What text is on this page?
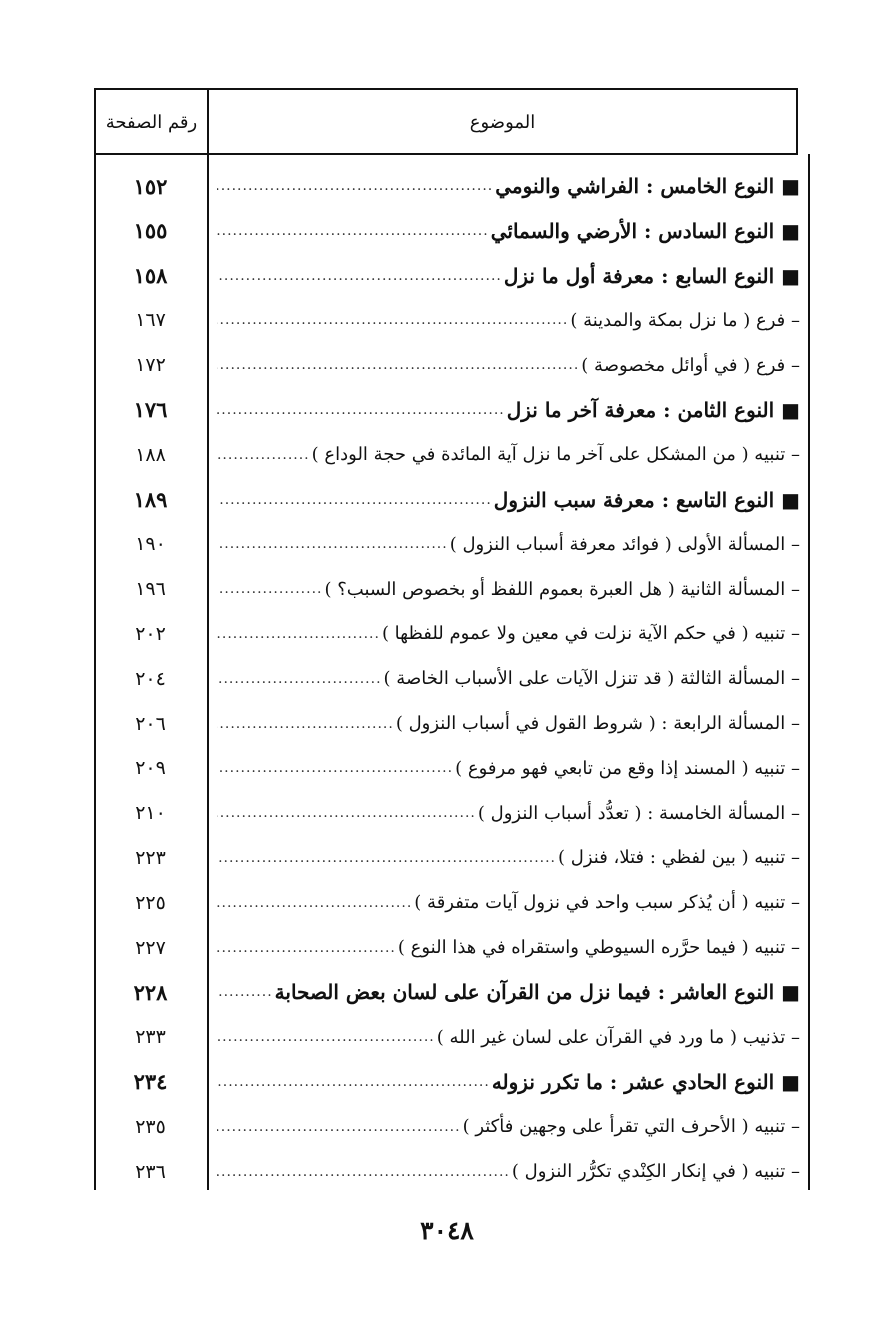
رقم الصفحة	الموضوع
١٥٢	■ النوع الخامس : الفراشي والنومي
.....
١٥٥	■ النوع السادس : الأرضي والسمائي
.....
١٥٨	■ النوع السابع : معرفة أول ما نزل
.....
١٦٧	– فرع ( ما نزل بمكة والمدينة )
.....
١٧٢	– فرع ( في أوائل مخصوصة )
.....
١٧٦	■ النوع الثامن : معرفة آخر ما نزل
.....
١٨٨	– تنبيه ( من المشكل على آخر ما نزل آية المائدة في حجة الوداع )
.....
١٨٩	■ النوع التاسع : معرفة سبب النزول
.....
١٩٠	– المسألة الأولى ( فوائد معرفة أسباب النزول )
.....
١٩٦	– المسألة الثانية ( هل العبرة بعموم اللفظ أو بخصوص السبب؟ )
.....
٢٠٢	– تنبيه ( في حكم الآية نزلت في معين ولا عموم للفظها )
.....
٢٠٤	– المسألة الثالثة ( قد تنزل الآيات على الأسباب الخاصة )
.....
٢٠٦	– المسألة الرابعة : ( شروط القول في أسباب النزول )
.....
٢٠٩	– تنبيه ( المسند إذا وقع من تابعي فهو مرفوع )
.....
٢١٠	– المسألة الخامسة : ( تعدُّد أسباب النزول )
.....
٢٢٣	– تنبيه ( بين لفظي : فتلا، فنزل )
.....
٢٢٥	– تنبيه ( أن يُذكر سبب واحد في نزول آيات متفرقة )
.....
٢٢٧	– تنبيه ( فيما حرَّره السيوطي واستقراه في هذا النوع )
.....
٢٢٨	■ النوع العاشر : فيما نزل من القرآن على لسان بعض الصحابة
.....
٢٣٣	– تذنيب ( ما ورد في القرآن على لسان غير الله )
.....
٢٣٤	■ النوع الحادي عشر : ما تكرر نزوله
.....
٢٣٥	– تنبيه ( الأحرف التي تقرأ على وجهين فأكثر )
.....
٢٣٦	– تنبيه ( في إنكار الكِنْدي تكرُّر النزول )
.....
٣٠٤٨
